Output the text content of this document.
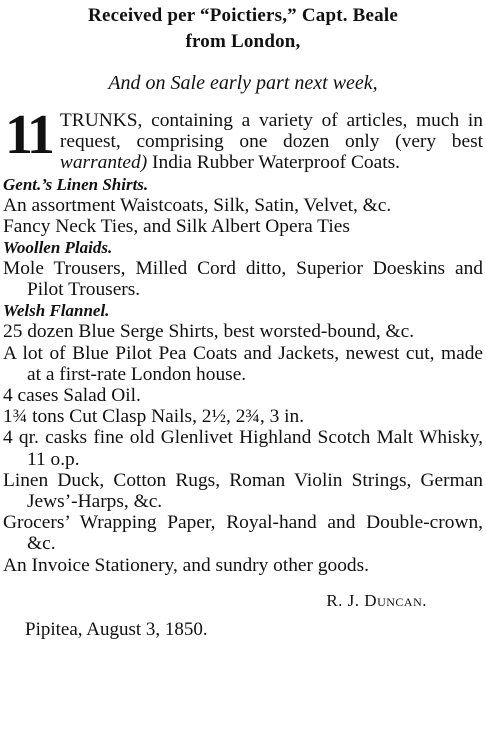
Received per “Poictiers,” Capt. Beale
from London,
And on Sale early part next week,
11 TRUNKS, containing a variety of articles, much in request, comprising one dozen only (very best warranted) India Rubber Waterproof Coats.

Gent.’s Linen Shirts.

An assortment Waistcoats, Silk, Satin, Velvet, &c.

Fancy Neck Ties, and Silk Albert Opera Ties

Woollen Plaids.

Mole Trousers, Milled Cord ditto, Superior Doeskins and Pilot Trousers.

Welsh Flannel.

25 dozen Blue Serge Shirts, best worsted-bound, &c.

A lot of Blue Pilot Pea Coats and Jackets, newest cut, made at a first-rate London house.

4 cases Salad Oil.

1¾ tons Cut Clasp Nails, 2½, 2¾, 3 in.

4 qr. casks fine old Glenlivet Highland Scotch Malt Whisky, 11 o.p.

Linen Duck, Cotton Rugs, Roman Violin Strings, German Jews’-Harps, &c.

Grocers’ Wrapping Paper, Royal-hand and Double-crown, &c.

An Invoice Stationery, and sundry other goods.

R. J. Duncan.

Pipitea, August 3, 1850.
